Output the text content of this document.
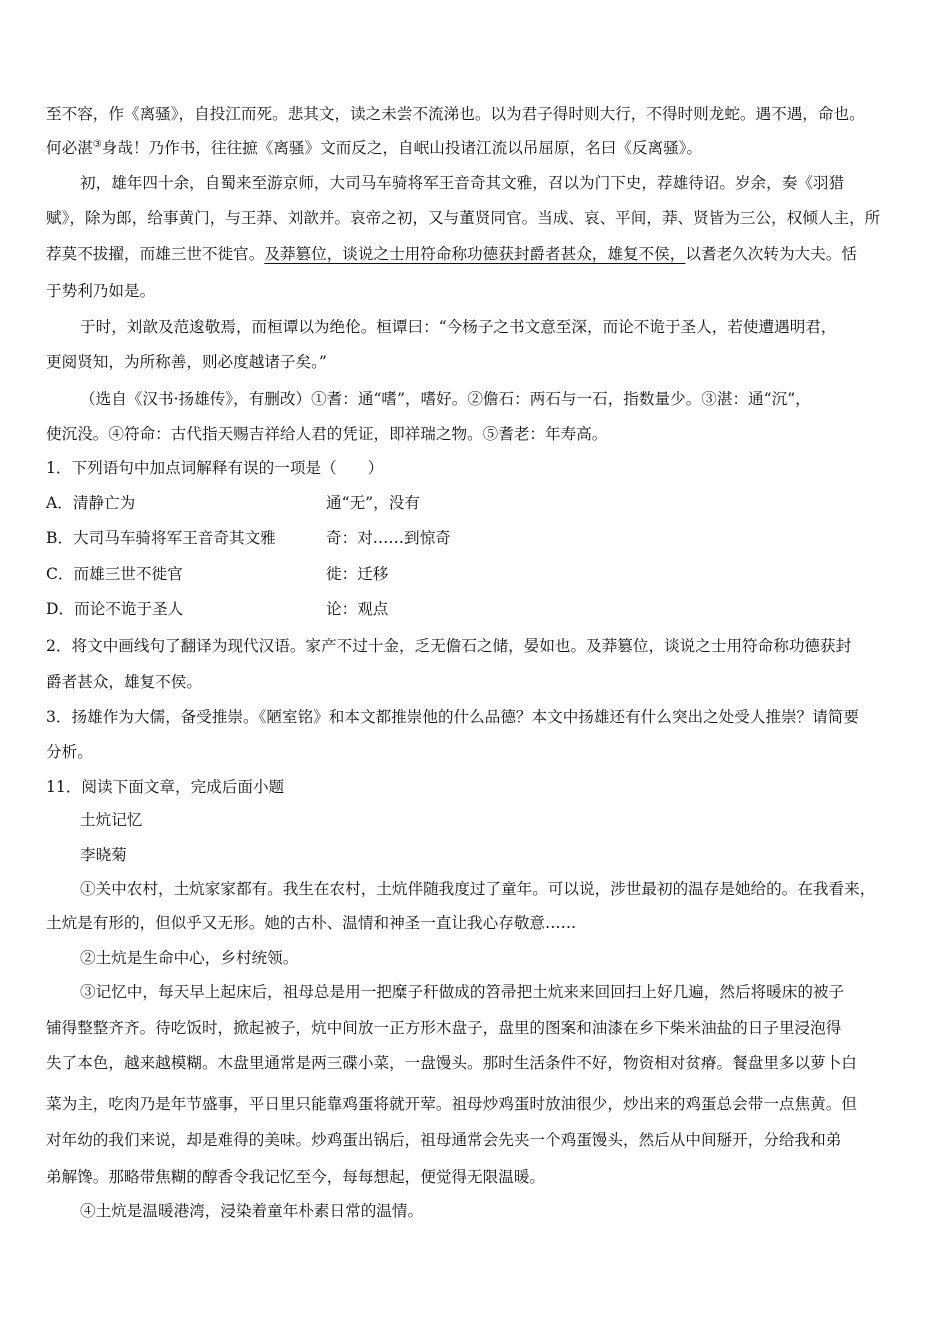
至不容，作《离骚》，自投江而死。悲其文，读之未尝不流涕也。以为君子得时则大行，不得时则龙蛇。遇不遇，命也。
何必湛③身哉！乃作书，往往摭《离骚》文而反之，自岷山投诸江流以吊屈原，名曰《反离骚》。
初，雄年四十余，自蜀来至游京师，大司马车骑将军王音奇其文雅，召以为门下史，荐雄待诏。岁余，奏《羽猎
赋》，除为郎，给事黄门，与王莽、刘歆并。哀帝之初，又与董贤同官。当成、哀、平间，莽、贤皆为三公，权倾人主，所
荐莫不拔擢，而雄三世不徙官。及莽篡位，谈说之士用符命称功德获封爵者甚众，雄复不侯，以耆老久次转为大夫。恬
于势利乃如是。
于时，刘歆及范逡敬焉，而桓谭以为绝伦。桓谭曰：“今杨子之书文意至深，而论不诡于圣人，若使遭遇明君，
更阅贤知，为所称善，则必度越诸子矣。”
（选自《汉书·扬雄传》，有删改）①耆：通“嗜”，嗜好。②儋石：两石与一石，指数量少。③湛：通“沉”，
使沉没。④符命：古代指天赐吉祥给人君的凭证，即祥瑞之物。⑤耆老：年寿高。
1．下列语句中加点词解释有误的一项是（　　）
A．清静亡为	通“无”，没有
B．大司马车骑将军王音奇其文雅	奇：对……到惊奇
C．而雄三世不徙官	徙：迁移
D．而论不诡于圣人	论：观点
2．将文中画线句了翻译为现代汉语。家产不过十金，乏无儋石之储，晏如也。及莽篡位，谈说之士用符命称功德获封
爵者甚众，雄复不侯。
3．扬雄作为大儒，备受推崇。《陋室铭》和本文都推崇他的什么品德？本文中扬雄还有什么突出之处受人推崇？请简要
分析。
11．阅读下面文章，完成后面小题
土炕记忆
李晓菊
①关中农村，土炕家家都有。我生在农村，土炕伴随我度过了童年。可以说，涉世最初的温存是她给的。在我看来，
土炕是有形的，但似乎又无形。她的古朴、温情和神圣一直让我心存敬意……
②土炕是生命中心，乡村统领。
③记忆中，每天早上起床后，祖母总是用一把糜子秆做成的笤帚把土炕来来回回扫上好几遍，然后将暖床的被子
铺得整整齐齐。待吃饭时，掀起被子，炕中间放一正方形木盘子，盘里的图案和油漆在乡下柴米油盐的日子里浸泡得
失了本色，越来越模糊。木盘里通常是两三碟小菜，一盘馒头。那时生活条件不好，物资相对贫瘠。餐盘里多以萝卜白
菜为主，吃肉乃是年节盛事，平日里只能靠鸡蛋将就开荤。祖母炒鸡蛋时放油很少，炒出来的鸡蛋总会带一点焦黄。但
对年幼的我们来说，却是难得的美味。炒鸡蛋出锅后，祖母通常会先夹一个鸡蛋馒头，然后从中间掰开，分给我和弟
弟解馋。那略带焦糊的醇香令我记忆至今，每每想起，便觉得无限温暖。
④土炕是温暖港湾，浸染着童年朴素日常的温情。
